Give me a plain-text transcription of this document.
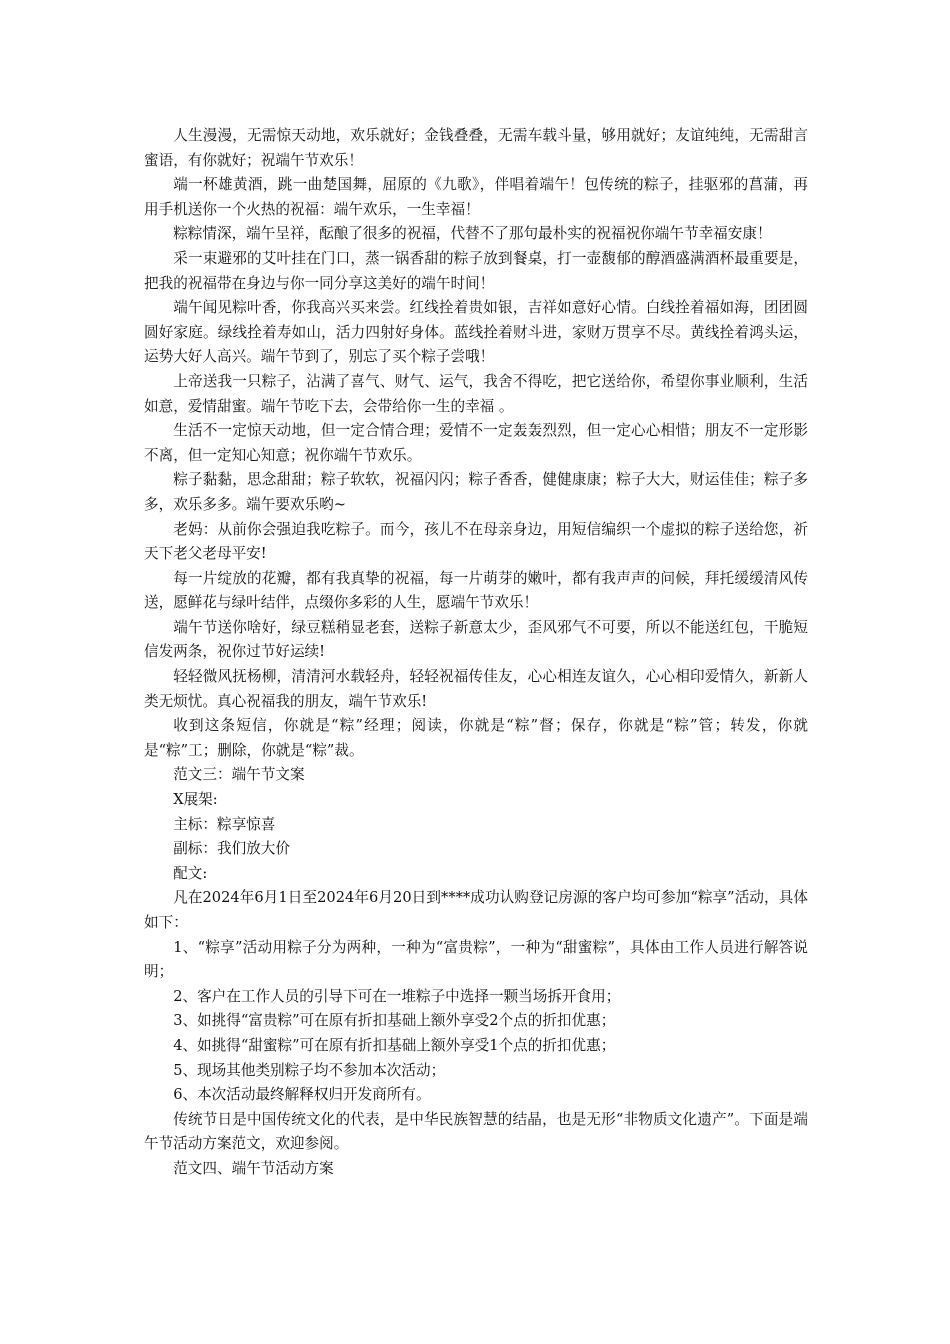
人生漫漫，无需惊天动地，欢乐就好；金钱叠叠，无需车载斗量，够用就好；友谊纯纯，无需甜言蜜语，有你就好；祝端午节欢乐！

端一杯雄黄酒，跳一曲楚国舞，屈原的《九歌》，伴唱着端午！包传统的粽子，挂驱邪的菖蒲，再用手机送你一个火热的祝福：端午欢乐，一生幸福！

粽粽情深，端午呈祥，酝酿了很多的祝福，代替不了那句最朴实的祝福祝你端午节幸福安康！

采一束避邪的艾叶挂在门口，蒸一锅香甜的粽子放到餐桌，打一壶馥郁的醇酒盛满酒杯最重要是，把我的祝福带在身边与你一同分享这美好的端午时间！

端午闻见粽叶香，你我高兴买来尝。红线拴着贵如银，吉祥如意好心情。白线拴着福如海，团团圆圆好家庭。绿线拴着寿如山，活力四射好身体。蓝线拴着财斗进，家财万贯享不尽。黄线拴着鸿头运，运势大好人高兴。端午节到了，别忘了买个粽子尝哦！

上帝送我一只粽子，沾满了喜气、财气、运气，我舍不得吃，把它送给你，希望你事业顺利，生活如意，爱情甜蜜。端午节吃下去，会带给你一生的幸福 。

生活不一定惊天动地，但一定合情合理；爱情不一定轰轰烈烈，但一定心心相惜；朋友不一定形影不离，但一定知心知意；祝你端午节欢乐。

粽子黏黏，思念甜甜；粽子软软，祝福闪闪；粽子香香，健健康康；粽子大大，财运佳佳；粽子多多，欢乐多多。端午要欢乐哟~

老妈：从前你会强迫我吃粽子。而今，孩儿不在母亲身边，用短信编织一个虚拟的粽子送给您，祈天下老父老母平安!

每一片绽放的花瓣，都有我真挚的祝福，每一片萌芽的嫩叶，都有我声声的问候，拜托缓缓清风传送，愿鲜花与绿叶结伴，点缀你多彩的人生，愿端午节欢乐！

端午节送你啥好，绿豆糕稍显老套，送粽子新意太少，歪风邪气不可要，所以不能送红包，干脆短信发两条，祝你过节好运续!

轻轻微风抚杨柳，清清河水载轻舟，轻轻祝福传佳友，心心相连友谊久，心心相印爱情久，新新人类无烦忧。真心祝福我的朋友，端午节欢乐!

收到这条短信，你就是“粽”经理；阅读，你就是“粽”督；保存，你就是“粽”管；转发，你就是“粽”工；删除，你就是“粽”裁。

范文三：端午节文案

X展架:

主标：粽享惊喜

副标：我们放大价

配文:

凡在2024年6月1日至2024年6月20日到****成功认购登记房源的客户均可参加“粽享”活动，具体如下：

1、“粽享”活动用粽子分为两种，一种为“富贵粽”，一种为“甜蜜粽”，具体由工作人员进行解答说明；

2、客户在工作人员的引导下可在一堆粽子中选择一颗当场拆开食用；

3、如挑得“富贵粽”可在原有折扣基础上额外享受2个点的折扣优惠；

4、如挑得“甜蜜粽”可在原有折扣基础上额外享受1个点的折扣优惠；

5、现场其他类别粽子均不参加本次活动；

6、本次活动最终解释权归开发商所有。

传统节日是中国传统文化的代表，是中华民族智慧的结晶，也是无形“非物质文化遗产”。下面是端午节活动方案范文，欢迎参阅。

范文四、端午节活动方案
